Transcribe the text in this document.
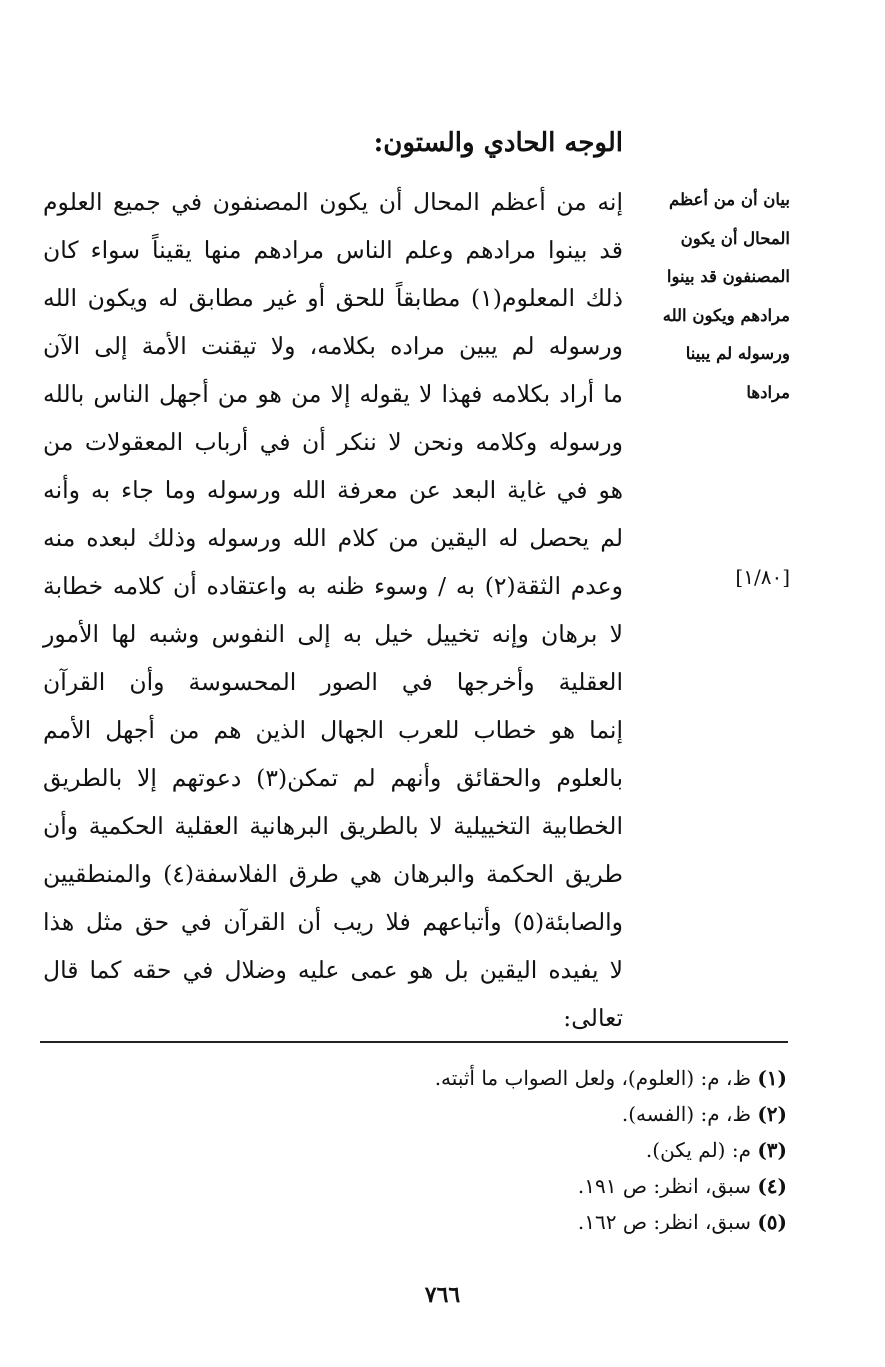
الوجه الحادي والستون:
إنه من أعظم المحال أن يكون المصنفون في جميع العلوم
قد بينوا مرادهم وعلم الناس مرادهم منها يقيناً سواء كان
ذلك المعلوم(١) مطابقاً للحق أو غير مطابق له ويكون الله
ورسوله لم يبين مراده بكلامه، ولا تيقنت الأمة إلى الآن
ما أراد بكلامه فهذا لا يقوله إلا من هو من أجهل الناس بالله
ورسوله وكلامه ونحن لا ننكر أن في أرباب المعقولات من
هو في غاية البعد عن معرفة الله ورسوله وما جاء به وأنه
لم يحصل له اليقين من كلام الله ورسوله وذلك لبعده منه
وعدم الثقة(٢) به / وسوء ظنه به واعتقاده أن كلامه خطابة
لا برهان وإنه تخييل خيل به إلى النفوس وشبه لها الأمور
العقلية وأخرجها في الصور المحسوسة وأن القرآن
إنما هو خطاب للعرب الجهال الذين هم من أجهل الأمم
بالعلوم والحقائق وأنهم لم تمكن(٣) دعوتهم إلا بالطريق
الخطابية التخييلية لا بالطريق البرهانية العقلية الحكمية وأن
طريق الحكمة والبرهان هي طرق الفلاسفة(٤) والمنطقيين
والصابئة(٥) وأتباعهم فلا ريب أن القرآن في حق مثل هذا
لا يفيده اليقين بل هو عمى عليه وضلال في حقه كما قال
تعالى:
بيان أن من أعظم
المحال أن يكون
المصنفون قد بينوا
مرادهم ويكون الله
ورسوله لم يبينا
مرادها
[١/٨٠]
(١) ظ، م: (العلوم)، ولعل الصواب ما أثبته.
(٢) ظ، م: (الفسه).
(٣) م: (لم يكن).
(٤) سبق، انظر: ص ١٩١.
(٥) سبق، انظر: ص ١٦٢.
٧٦٦
